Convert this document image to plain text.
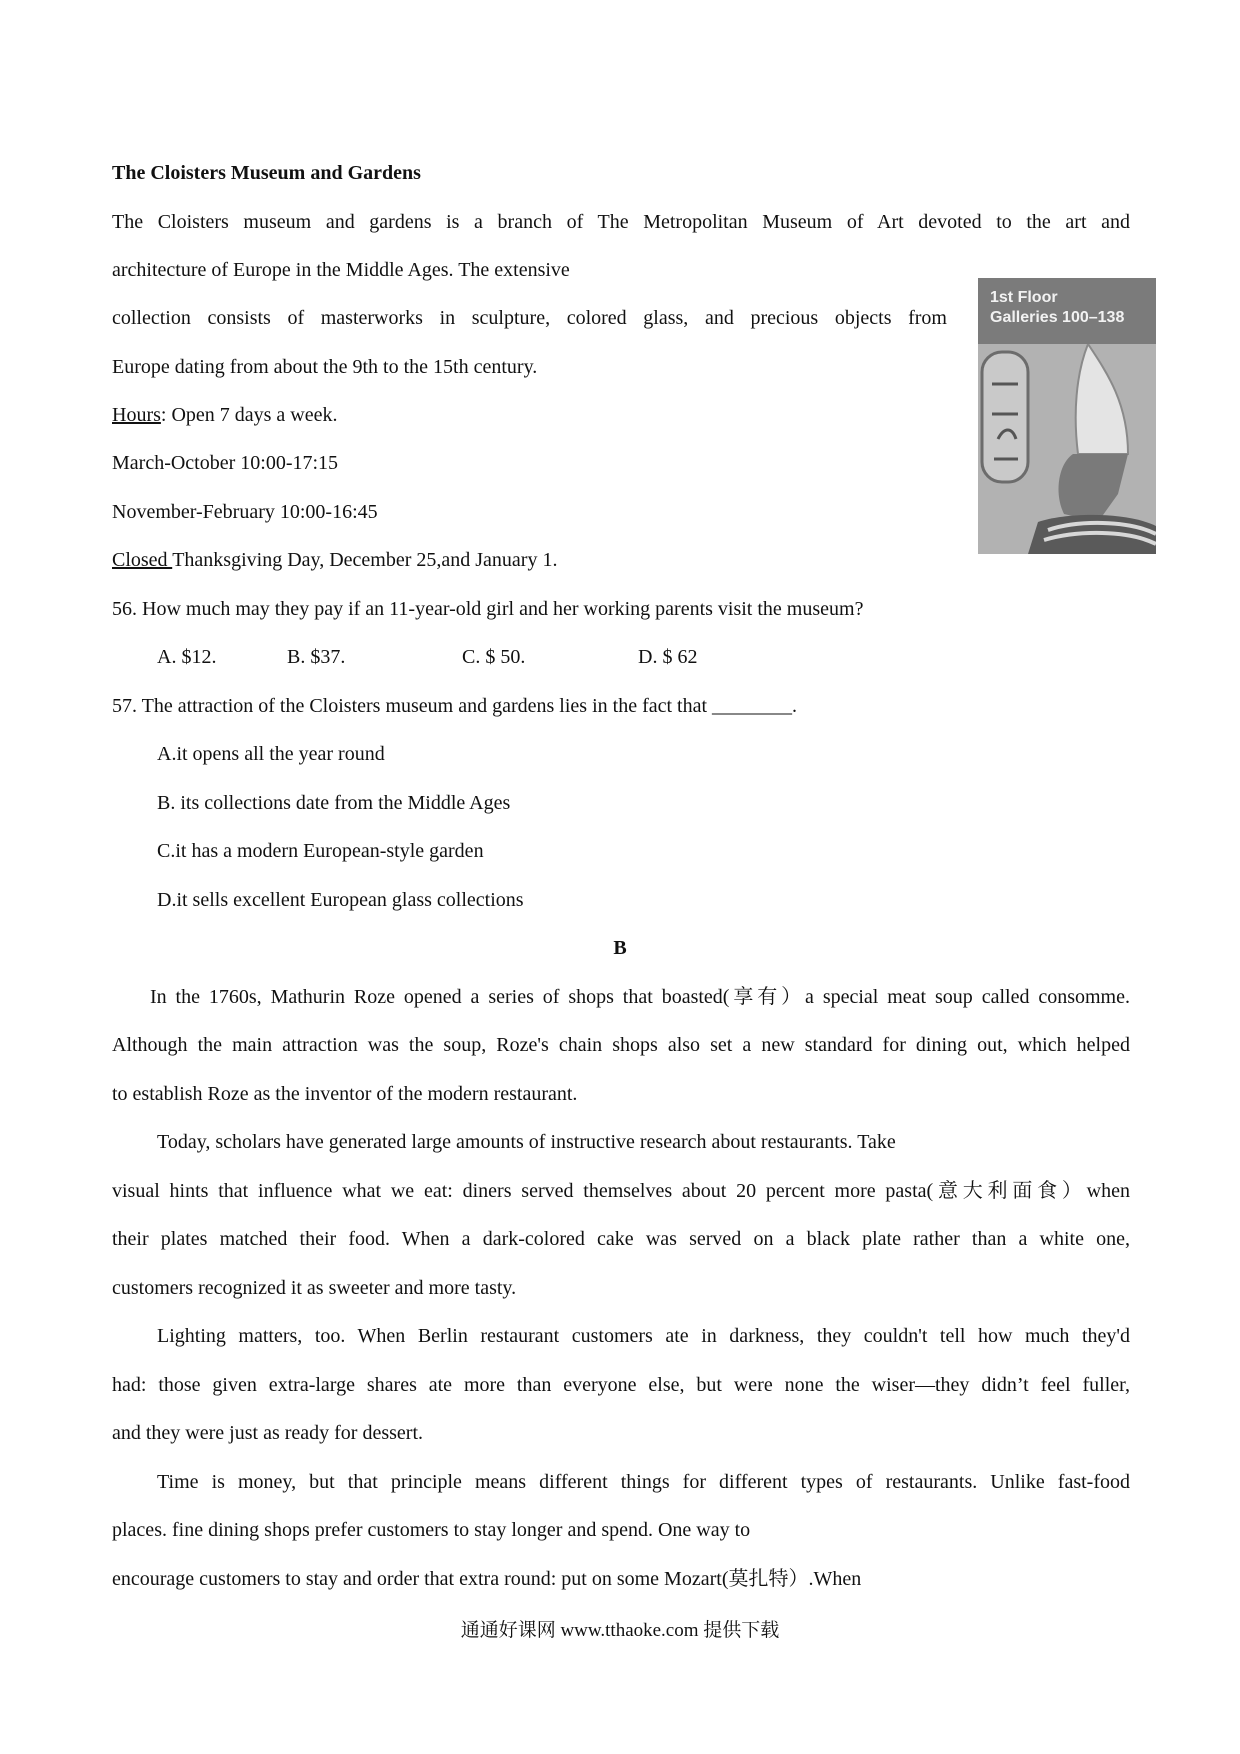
The Cloisters Museum and Gardens
The Cloisters museum and gardens is a branch of The Metropolitan Museum of Art devoted to the art and
architecture of Europe in the Middle Ages. The extensive
collection consists of masterworks in sculpture, colored glass, and precious objects from
Europe dating from about the 9th to the 15th century.
Hours: Open 7 days a week.
March-October 10:00-17:15
November-February 10:00-16:45
Closed Thanksgiving Day, December 25,and January 1.
1st Floor
Galleries 100–138
56. How much may they pay if an 11-year-old girl and her working parents visit the museum?
A. $12.	B. $37.	C. $ 50.	D. $ 62
57. The attraction of the Cloisters museum and gardens lies in the fact that ________.
A.it opens all the year round
B. its collections date from the Middle Ages
C.it has a modern European-style garden
D.it sells excellent European glass collections
B
In the 1760s, Mathurin Roze opened a series of shops that boasted(享有）a special meat soup called consomme.
Although the main attraction was the soup, Roze's chain shops also set a new standard for dining out, which helped
to establish Roze as the inventor of the modern restaurant.
Today, scholars have generated large amounts of instructive research about restaurants. Take
visual hints that influence what we eat: diners served themselves about 20 percent more pasta(意大利面食）when
their plates matched their food. When a dark-colored cake was served on a black plate rather than a white one,
customers recognized it as sweeter and more tasty.
Lighting matters, too. When Berlin restaurant customers ate in darkness, they couldn't tell how much they'd
had: those given extra-large shares ate more than everyone else, but were none the wiser—they didn’t feel fuller,
and they were just as ready for dessert.
Time is money, but that principle means different things for different types of restaurants. Unlike fast-food
places. fine dining shops prefer customers to stay longer and spend. One way to
encourage customers to stay and order that extra round: put on some Mozart(莫扎特）.When
通通好课网 www.tthaoke.com 提供下载
